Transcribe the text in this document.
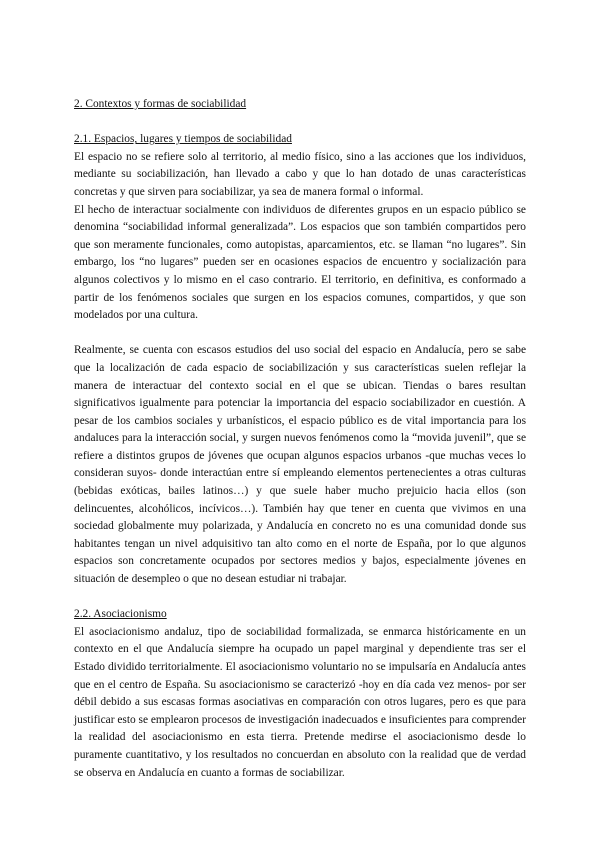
2. Contextos y formas de sociabilidad
2.1. Espacios, lugares y tiempos de sociabilidad

El espacio no se refiere solo al territorio, al medio físico, sino a las acciones que los individuos, mediante su sociabilización, han llevado a cabo y que lo han dotado de unas características concretas y que sirven para sociabilizar, ya sea de manera formal o informal.

El hecho de interactuar socialmente con individuos de diferentes grupos en un espacio público se denomina “sociabilidad informal generalizada”. Los espacios que son también compartidos pero que son meramente funcionales, como autopistas, aparcamientos, etc. se llaman “no lugares”. Sin embargo, los “no lugares” pueden ser en ocasiones espacios de encuentro y socialización para algunos colectivos y lo mismo en el caso contrario. El territorio, en definitiva, es conformado a partir de los fenómenos sociales que surgen en los espacios comunes, compartidos, y que son modelados por una cultura.

Realmente, se cuenta con escasos estudios del uso social del espacio en Andalucía, pero se sabe que la localización de cada espacio de sociabilización y sus características suelen reflejar la manera de interactuar del contexto social en el que se ubican. Tiendas o bares resultan significativos igualmente para potenciar la importancia del espacio sociabilizador en cuestión. A pesar de los cambios sociales y urbanísticos, el espacio público es de vital importancia para los andaluces para la interacción social, y surgen nuevos fenómenos como la “movida juvenil”, que se refiere a distintos grupos de jóvenes que ocupan algunos espacios urbanos -que muchas veces lo consideran suyos- donde interactúan entre sí empleando elementos pertenecientes a otras culturas (bebidas exóticas, bailes latinos…) y que suele haber mucho prejuicio hacia ellos (son delincuentes, alcohólicos, incívicos…). También hay que tener en cuenta que vivimos en una sociedad globalmente muy polarizada, y Andalucía en concreto no es una comunidad donde sus habitantes tengan un nivel adquisitivo tan alto como en el norte de España, por lo que algunos espacios son concretamente ocupados por sectores medios y bajos, especialmente jóvenes en situación de desempleo o que no desean estudiar ni trabajar.

2.2. Asociacionismo

El asociacionismo andaluz, tipo de sociabilidad formalizada, se enmarca históricamente en un contexto en el que Andalucía siempre ha ocupado un papel marginal y dependiente tras ser el Estado dividido territorialmente. El asociacionismo voluntario no se impulsaría en Andalucía antes que en el centro de España. Su asociacionismo se caracterizó -hoy en día cada vez menos- por ser débil debido a sus escasas formas asociativas en comparación con otros lugares, pero es que para justificar esto se emplearon procesos de investigación inadecuados e insuficientes para comprender la realidad del asociacionismo en esta tierra. Pretende medirse el asociacionismo desde lo puramente cuantitativo, y los resultados no concuerdan en absoluto con la realidad que de verdad se observa en Andalucía en cuanto a formas de sociabilizar.
